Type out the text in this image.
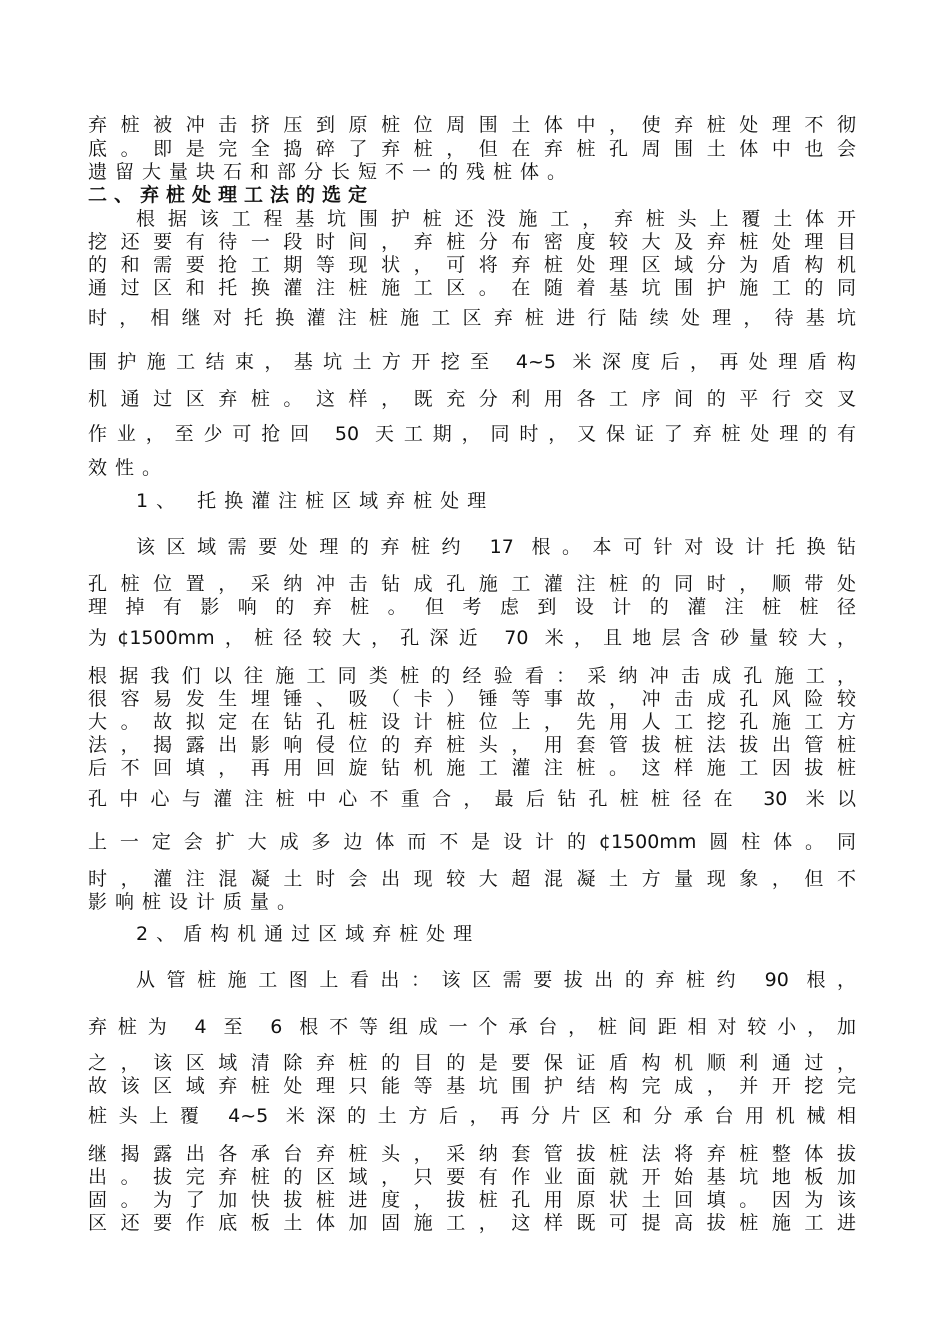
弃桩被冲击挤压到原桩位周围土体中，使弃桩处理不彻
底。即是完全捣碎了弃桩，但在弃桩孔周围土体中也会
遗留大量块石和部分长短不一的残桩体。
二、弃桩处理工法的选定
根据该工程基坑围护桩还没施工，弃桩头上覆土体开
挖还要有待一段时间，弃桩分布密度较大及弃桩处理目
的和需要抢工期等现状，可将弃桩处理区域分为盾构机
通过区和托换灌注桩施工区。在随着基坑围护施工的同
时，相继对托换灌注桩施工区弃桩进行陆续处理，待基坑
围护施工结束，基坑土方开挖至 4~5 米深度后，再处理盾构
机通过区弃桩。这样，既充分利用各工序间的平行交叉
作业，至少可抢回 50 天工期，同时，又保证了弃桩处理的有
效性。
1、 托换灌注桩区域弃桩处理
该区域需要处理的弃桩约 17 根。本可针对设计托换钻
孔桩位置，采纳冲击钻成孔施工灌注桩的同时，顺带处
理掉有影响的弃桩。但考虑到设计的灌注桩桩径
为¢1500mm，桩径较大，孔深近 70 米，且地层含砂量较大，
根据我们以往施工同类桩的经验看：采纳冲击成孔施工，
很容易发生埋锤、吸（卡）锤等事故，冲击成孔风险较
大。故拟定在钻孔桩设计桩位上，先用人工挖孔施工方
法，揭露出影响侵位的弃桩头，用套管拔桩法拔出管桩
后不回填，再用回旋钻机施工灌注桩。这样施工因拔桩
孔中心与灌注桩中心不重合，最后钻孔桩桩径在 30 米以
上一定会扩大成多边体而不是设计的¢1500mm圆柱体。同
时，灌注混凝土时会出现较大超混凝土方量现象，但不
影响桩设计质量。
2、盾构机通过区域弃桩处理
从管桩施工图上看出：该区需要拔出的弃桩约 90 根，
弃桩为 4 至 6 根不等组成一个承台，桩间距相对较小，加
之，该区域清除弃桩的目的是要保证盾构机顺利通过，
故该区域弃桩处理只能等基坑围护结构完成，并开挖完
桩头上覆 4~5 米深的土方后，再分片区和分承台用机械相
继揭露出各承台弃桩头，采纳套管拔桩法将弃桩整体拔
出。拔完弃桩的区域，只要有作业面就开始基坑地板加
固。为了加快拔桩进度，拔桩孔用原状土回填。因为该
区还要作底板土体加固施工，这样既可提高拔桩施工进
